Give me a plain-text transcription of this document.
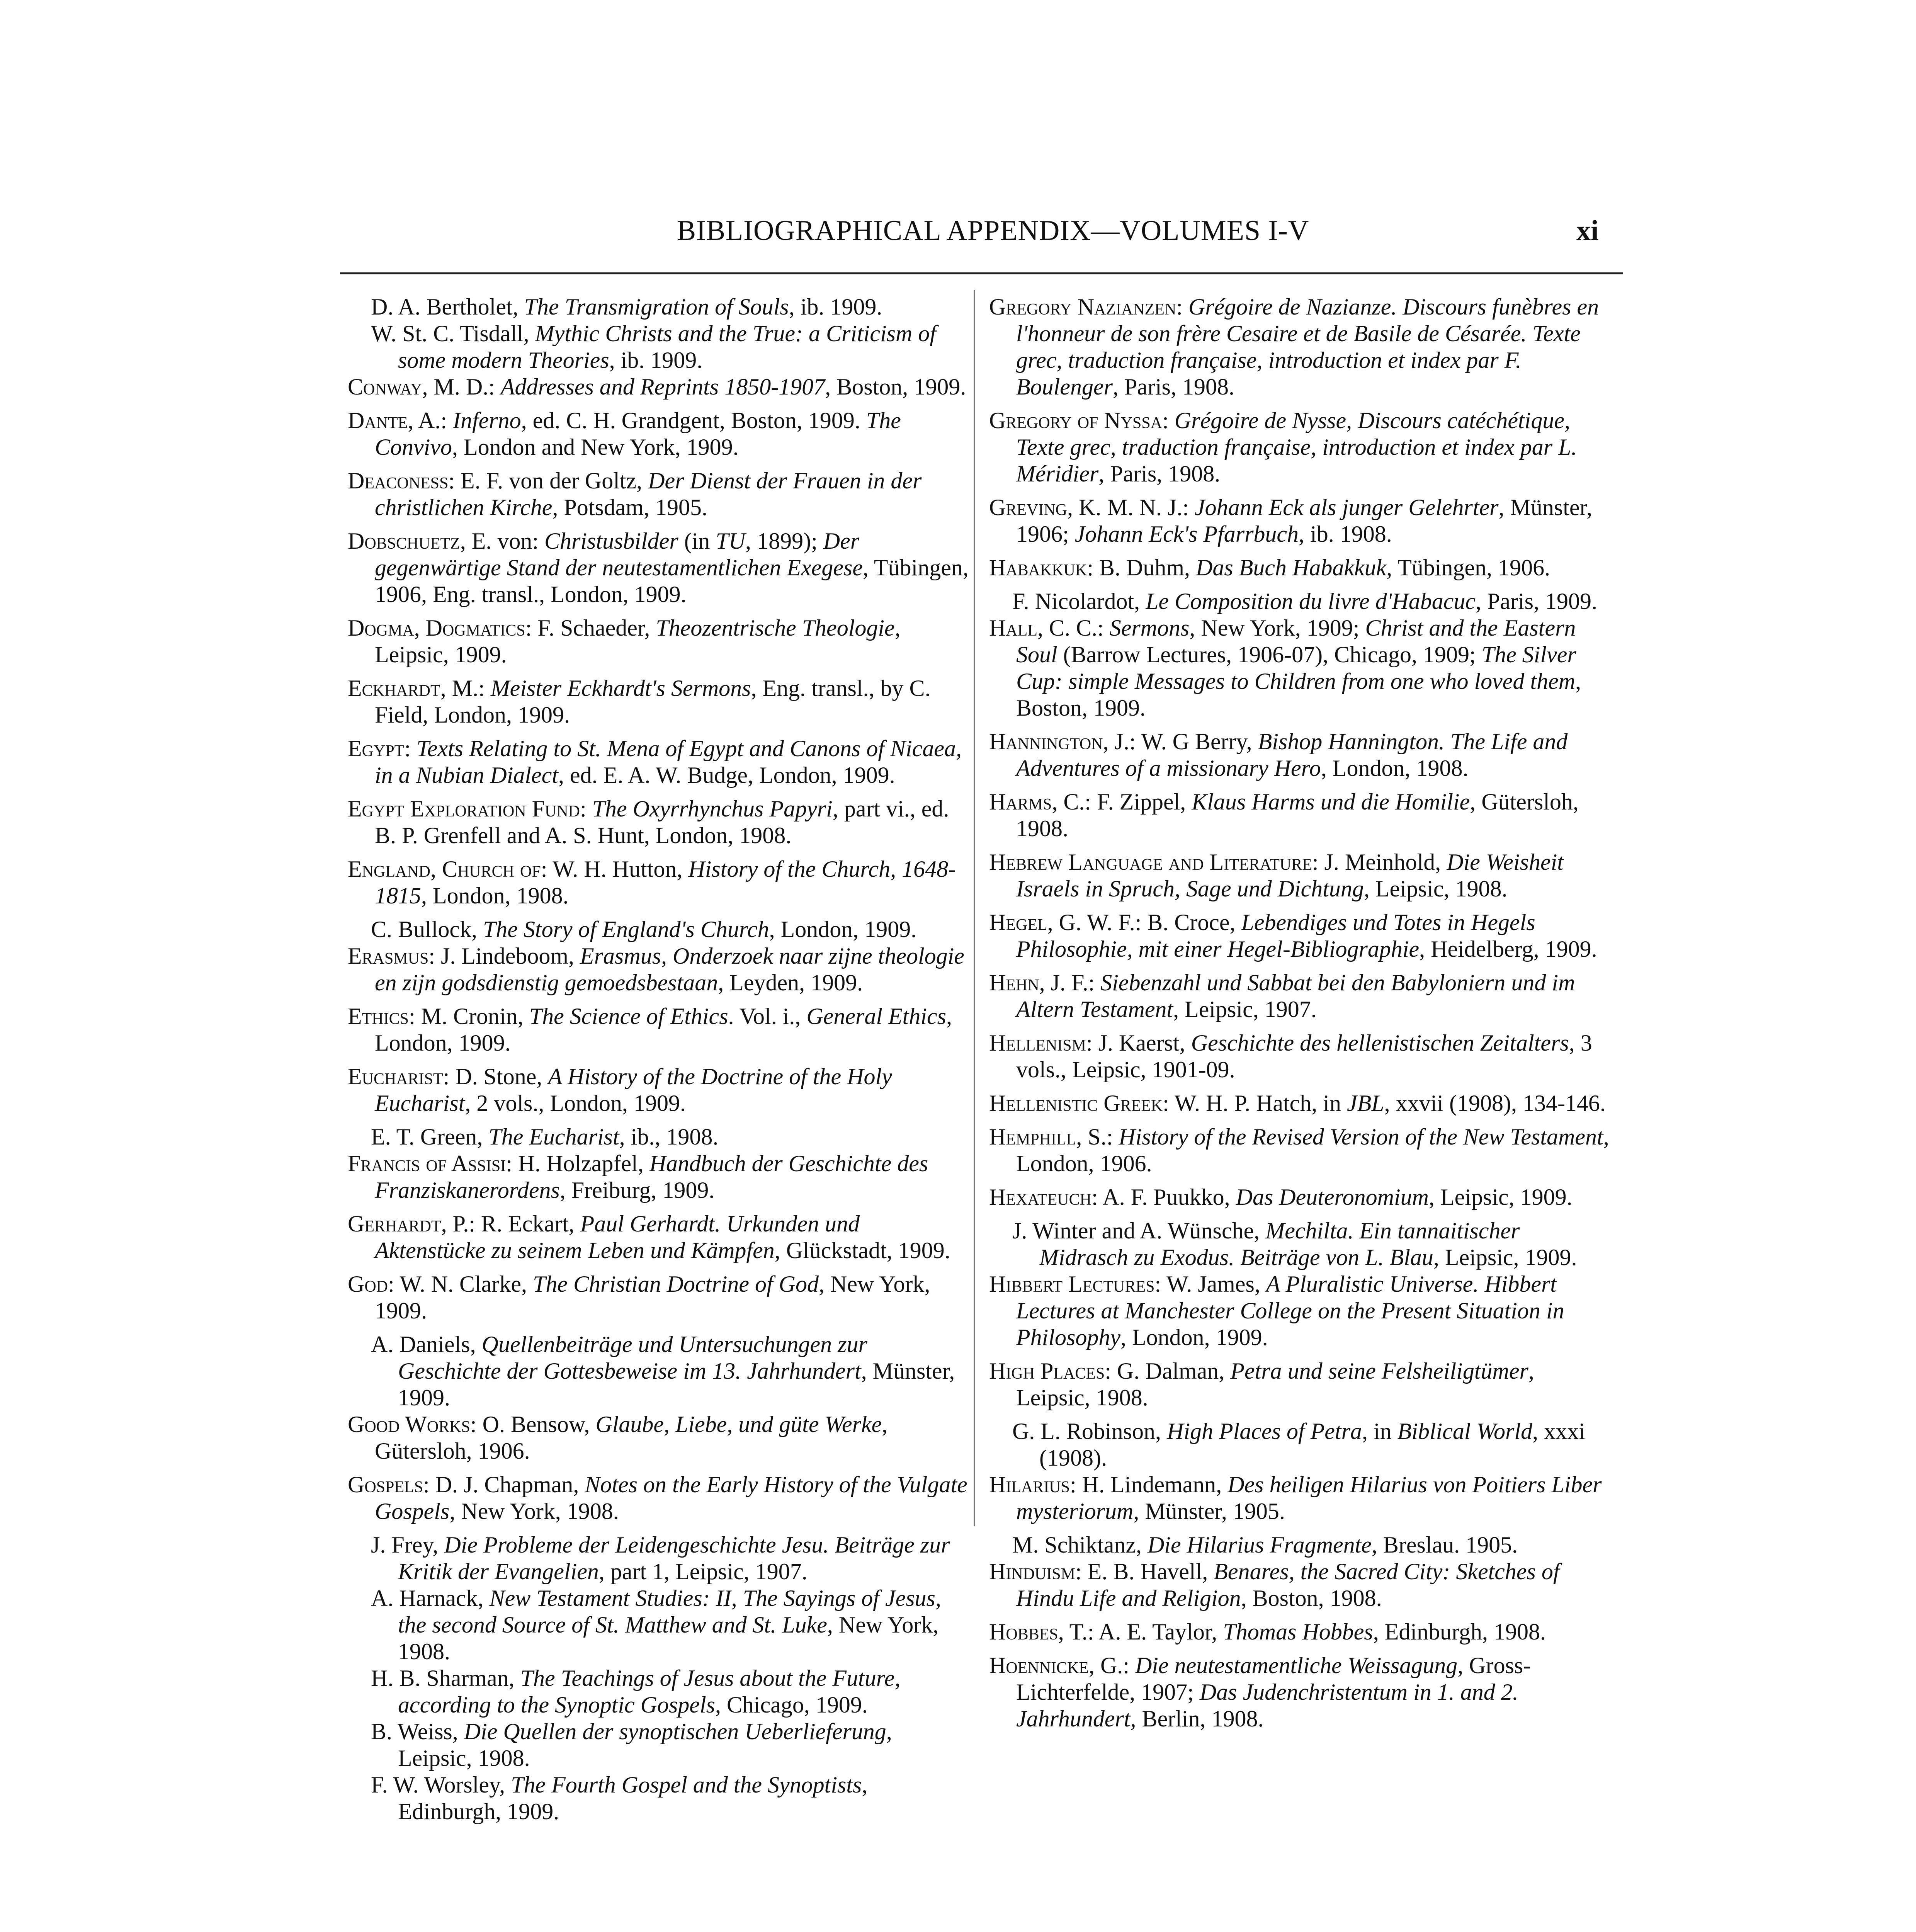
BIBLIOGRAPHICAL APPENDIX—VOLUMES I-V	xi

D. A. Bertholet, The Transmigration of Souls, ib. 1909.

W. St. C. Tisdall, Mythic Christs and the True: a Criticism of some modern Theories, ib. 1909.

Conway, M. D.: Addresses and Reprints 1850-1907, Boston, 1909.

Dante, A.: Inferno, ed. C. H. Grandgent, Boston, 1909. The Convivo, London and New York, 1909.

Deaconess: E. F. von der Goltz, Der Dienst der Frauen in der christlichen Kirche, Potsdam, 1905.

Dobschuetz, E. von: Christusbilder (in TU, 1899); Der gegenwärtige Stand der neutestamentlichen Exegese, Tübingen, 1906, Eng. transl., London, 1909.

Dogma, Dogmatics: F. Schaeder, Theozentrische Theologie, Leipsic, 1909.

Eckhardt, M.: Meister Eckhardt's Sermons, Eng. transl., by C. Field, London, 1909.

Egypt: Texts Relating to St. Mena of Egypt and Canons of Nicaea, in a Nubian Dialect, ed. E. A. W. Budge, London, 1909.

Egypt Exploration Fund: The Oxyrrhynchus Papyri, part vi., ed. B. P. Grenfell and A. S. Hunt, London, 1908.

England, Church of: W. H. Hutton, History of the Church, 1648-1815, London, 1908.

C. Bullock, The Story of England's Church, London, 1909.

Erasmus: J. Lindeboom, Erasmus, Onderzoek naar zijne theologie en zijn godsdienstig gemoedsbestaan, Leyden, 1909.

Ethics: M. Cronin, The Science of Ethics. Vol. i., General Ethics, London, 1909.

Eucharist: D. Stone, A History of the Doctrine of the Holy Eucharist, 2 vols., London, 1909.

E. T. Green, The Eucharist, ib., 1908.

Francis of Assisi: H. Holzapfel, Handbuch der Geschichte des Franziskanerordens, Freiburg, 1909.

Gerhardt, P.: R. Eckart, Paul Gerhardt. Urkunden und Aktenstücke zu seinem Leben und Kämpfen, Glückstadt, 1909.

God: W. N. Clarke, The Christian Doctrine of God, New York, 1909.

A. Daniels, Quellenbeiträge und Untersuchungen zur Geschichte der Gottesbeweise im 13. Jahrhundert, Münster, 1909.

Good Works: O. Bensow, Glaube, Liebe, und güte Werke, Gütersloh, 1906.

Gospels: D. J. Chapman, Notes on the Early History of the Vulgate Gospels, New York, 1908.

J. Frey, Die Probleme der Leidengeschichte Jesu. Beiträge zur Kritik der Evangelien, part 1, Leipsic, 1907.

A. Harnack, New Testament Studies: II, The Sayings of Jesus, the second Source of St. Matthew and St. Luke, New York, 1908.

H. B. Sharman, The Teachings of Jesus about the Future, according to the Synoptic Gospels, Chicago, 1909.

B. Weiss, Die Quellen der synoptischen Ueberlieferung, Leipsic, 1908.

F. W. Worsley, The Fourth Gospel and the Synoptists, Edinburgh, 1909.

Gregory Nazianzen: Grégoire de Nazianze. Discours funèbres en l'honneur de son frère Cesaire et de Basile de Césarée. Texte grec, traduction française, introduction et index par F. Boulenger, Paris, 1908.

Gregory of Nyssa: Grégoire de Nysse, Discours catéchétique, Texte grec, traduction française, introduction et index par L. Méridier, Paris, 1908.

Greving, K. M. N. J.: Johann Eck als junger Gelehrter, Münster, 1906; Johann Eck's Pfarrbuch, ib. 1908.

Habakkuk: B. Duhm, Das Buch Habakkuk, Tübingen, 1906.

F. Nicolardot, Le Composition du livre d'Habacuc, Paris, 1909.

Hall, C. C.: Sermons, New York, 1909; Christ and the Eastern Soul (Barrow Lectures, 1906-07), Chicago, 1909; The Silver Cup: simple Messages to Children from one who loved them, Boston, 1909.

Hannington, J.: W. G Berry, Bishop Hannington. The Life and Adventures of a missionary Hero, London, 1908.

Harms, C.: F. Zippel, Klaus Harms und die Homilie, Gütersloh, 1908.

Hebrew Language and Literature: J. Meinhold, Die Weisheit Israels in Spruch, Sage und Dichtung, Leipsic, 1908.

Hegel, G. W. F.: B. Croce, Lebendiges und Totes in Hegels Philosophie, mit einer Hegel-Bibliographie, Heidelberg, 1909.

Hehn, J. F.: Siebenzahl und Sabbat bei den Babyloniern und im Altern Testament, Leipsic, 1907.

Hellenism: J. Kaerst, Geschichte des hellenistischen Zeitalters, 3 vols., Leipsic, 1901-09.

Hellenistic Greek: W. H. P. Hatch, in JBL, xxvii (1908), 134-146.

Hemphill, S.: History of the Revised Version of the New Testament, London, 1906.

Hexateuch: A. F. Puukko, Das Deuteronomium, Leipsic, 1909.

J. Winter and A. Wünsche, Mechilta. Ein tannaitischer Midrasch zu Exodus. Beiträge von L. Blau, Leipsic, 1909.

Hibbert Lectures: W. James, A Pluralistic Universe. Hibbert Lectures at Manchester College on the Present Situation in Philosophy, London, 1909.

High Places: G. Dalman, Petra und seine Felsheiligtümer, Leipsic, 1908.

G. L. Robinson, High Places of Petra, in Biblical World, xxxi (1908).

Hilarius: H. Lindemann, Des heiligen Hilarius von Poitiers Liber mysteriorum, Münster, 1905.

M. Schiktanz, Die Hilarius Fragmente, Breslau. 1905.

Hinduism: E. B. Havell, Benares, the Sacred City: Sketches of Hindu Life and Religion, Boston, 1908.

Hobbes, T.: A. E. Taylor, Thomas Hobbes, Edinburgh, 1908.

Hoennicke, G.: Die neutestamentliche Weissagung, Gross-Lichterfelde, 1907; Das Judenchristentum in 1. and 2. Jahrhundert, Berlin, 1908.
